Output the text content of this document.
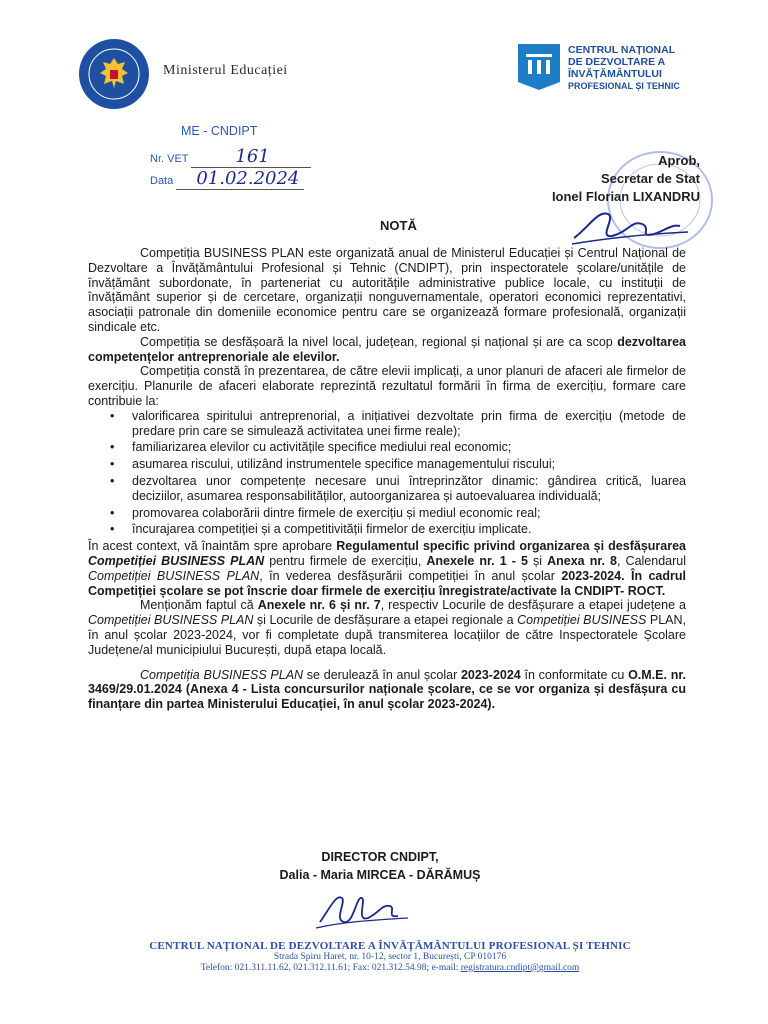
Ministerul Educației
CENTRUL NAȚIONAL
DE DEZVOLTARE A
ÎNVĂȚĂMÂNTULUI
PROFESIONAL ȘI TEHNIC
ME - CNDIPT
Nr. VET	161
Data 01.02.2024
Aprob,
Secretar de Stat
Ionel Florian LIXANDRU
NOTĂ

Competiția BUSINESS PLAN este organizată anual de Ministerul Educației și Centrul Național de Dezvoltare a Învățământului Profesional și Tehnic (CNDIPT), prin inspectoratele școlare/unitățile de învățământ subordonate, în parteneriat cu autoritățile administrative publice locale, cu instituții de învățământ superior și de cercetare, organizații nonguvernamentale, operatori economici reprezentativi, asociații patronale din domeniile economice pentru care se organizează formare profesională, organizații sindicale etc.

Competiția se desfășoară la nivel local, județean, regional și național și are ca scop dezvoltarea competențelor antreprenoriale ale elevilor.

Competiția constă în prezentarea, de către elevii implicați, a unor planuri de afaceri ale firmelor de exercițiu. Planurile de afaceri elaborate reprezintă rezultatul formării în firma de exercițiu, formare care contribuie la:

• valorificarea spiritului antreprenorial, a inițiativei dezvoltate prin firma de exercițiu (metode de predare prin care se simulează activitatea unei firme reale);
• familiarizarea elevilor cu activitățile specifice mediului real economic;
• asumarea riscului, utilizând instrumentele specifice managementului riscului;
• dezvoltarea unor competențe necesare unui întreprinzător dinamic: gândirea critică, luarea deciziilor, asumarea responsabilităților, autoorganizarea și autoevaluarea individuală;
• promovarea colaborării dintre firmele de exercițiu și mediul economic real;
• încurajarea competiției și a competitivității firmelor de exercițiu implicate.

În acest context, vă înaintăm spre aprobare Regulamentul specific privind organizarea și desfășurarea Competiției BUSINESS PLAN pentru firmele de exercițiu, Anexele nr. 1 - 5 și Anexa nr. 8, Calendarul Competiției BUSINESS PLAN, în vederea desfășurării competiției în anul școlar 2023-2024. În cadrul Competiției școlare se pot înscrie doar firmele de exercițiu înregistrate/activate la CNDIPT- ROCT.

Menționăm faptul că Anexele nr. 6 și nr. 7, respectiv Locurile de desfășurare a etapei județene a Competiției BUSINESS PLAN și Locurile de desfășurare a etapei regionale a Competiției BUSINESS PLAN, în anul școlar 2023-2024, vor fi completate după transmiterea locațiilor de către Inspectoratele Școlare Județene/al municipiului București, după etapa locală.

Competiția BUSINESS PLAN se derulează în anul școlar 2023-2024 în conformitate cu O.M.E. nr. 3469/29.01.2024 (Anexa 4 - Lista concursurilor naționale școlare, ce se vor organiza și desfășura cu finanțare din partea Ministerului Educației, în anul școlar 2023-2024).

DIRECTOR CNDIPT,
Dalia - Maria MIRCEA - DĂRĂMUȘ
CENTRUL NAȚIONAL DE DEZVOLTARE A ÎNVĂȚĂMÂNTULUI PROFESIONAL ȘI TEHNIC
Strada Spiru Haret, nr. 10-12, sector 1, București, CP 010176
Telefon: 021.311.11.62, 021.312.11.61; Fax: 021.312.54.98; e-mail: registratura.cndipt@gmail.com
